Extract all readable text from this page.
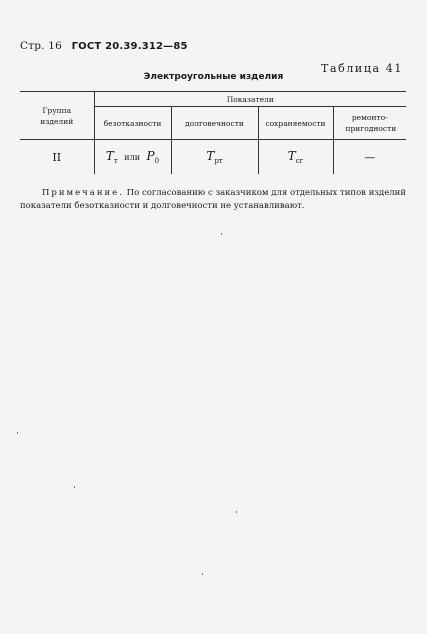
Стр. 16 ГОСТ 20.39.312—85
Таблица 41
Электроугольные изделия
Группа изделий	Показатели			
	безотказности	долговечности	сохраняемости	ремонто-пригодности
II	$T_т$ или $P_0$	$T_{рт}$	$T_{сг}$	—
Примечание. По согласованию с заказчиком для отдельных типов изделий показатели безотказности и долговечности не устанавливают.
